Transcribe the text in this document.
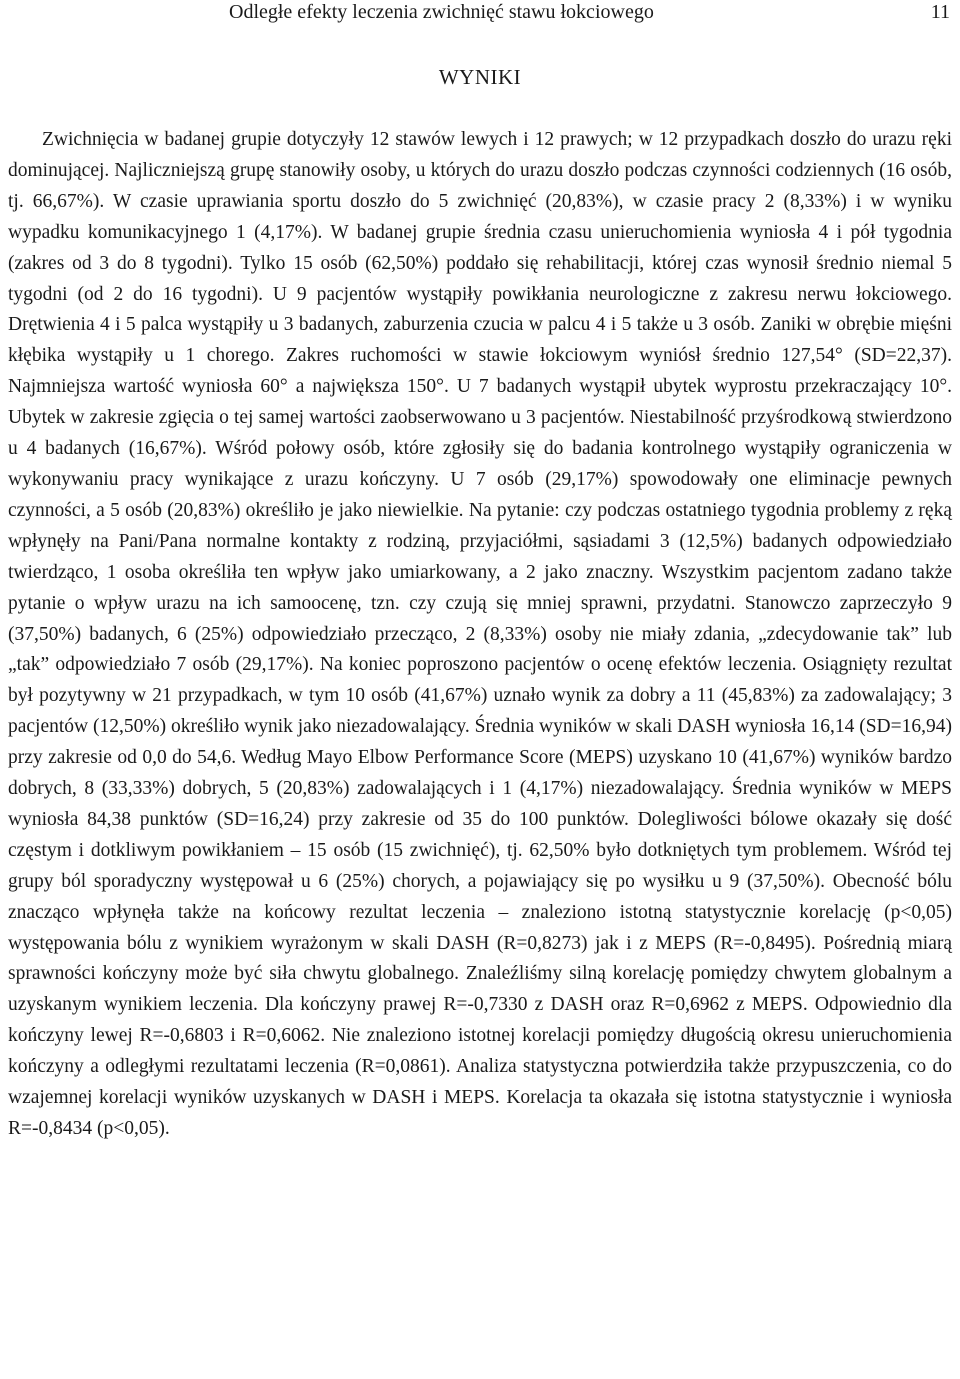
Odległe efekty leczenia zwichnięć stawu łokciowego	11
WYNIKI

Zwichnięcia w badanej grupie dotyczyły 12 stawów lewych i 12 prawych; w 12 przypadkach doszło do urazu ręki dominującej. Najliczniejszą grupę stanowiły osoby, u których do urazu doszło podczas czynności codziennych (16 osób, tj. 66,67%). W czasie uprawiania sportu doszło do 5 zwichnięć (20,83%), w czasie pracy 2 (8,33%) i w wyniku wypadku komunikacyjnego 1 (4,17%). W badanej grupie średnia czasu unieruchomienia wyniosła 4 i pół tygodnia (zakres od 3 do 8 tygodni). Tylko 15 osób (62,50%) poddało się rehabilitacji, której czas wynosił średnio niemal 5 tygodni (od 2 do 16 tygodni). U 9 pacjentów wystąpiły powikłania neurologiczne z zakresu nerwu łokciowego. Drętwienia 4 i 5 palca wystąpiły u 3 badanych, zaburzenia czucia w palcu 4 i 5 także u 3 osób. Zaniki w obrębie mięśni kłębika wystąpiły u 1 chorego. Zakres ruchomości w stawie łokciowym wyniósł średnio 127,54° (SD=22,37). Najmniejsza wartość wyniosła 60° a największa 150°. U 7 badanych wystąpił ubytek wyprostu przekraczający 10°. Ubytek w zakresie zgięcia o tej samej wartości zaobserwowano u 3 pacjentów. Niestabilność przyśrodkową stwierdzono u 4 badanych (16,67%). Wśród połowy osób, które zgłosiły się do badania kontrolnego wystąpiły ograniczenia w wykonywaniu pracy wynikające z urazu kończyny. U 7 osób (29,17%) spowodowały one eliminacje pewnych czynności, a 5 osób (20,83%) określiło je jako niewielkie. Na pytanie: czy podczas ostatniego tygodnia problemy z ręką wpłynęły na Pani/Pana normalne kontakty z rodziną, przyjaciółmi, sąsiadami 3 (12,5%) badanych odpowiedziało twierdząco, 1 osoba określiła ten wpływ jako umiarkowany, a 2 jako znaczny. Wszystkim pacjentom zadano także pytanie o wpływ urazu na ich samoocenę, tzn. czy czują się mniej sprawni, przydatni. Stanowczo zaprzeczyło 9 (37,50%) badanych, 6 (25%) odpowiedziało przecząco, 2 (8,33%) osoby nie miały zdania, „zdecydowanie tak” lub „tak” odpowiedziało 7 osób (29,17%). Na koniec poproszono pacjentów o ocenę efektów leczenia. Osiągnięty rezultat był pozytywny w 21 przypadkach, w tym 10 osób (41,67%) uznało wynik za dobry a 11 (45,83%) za zadowalający; 3 pacjentów (12,50%) określiło wynik jako niezadowalający. Średnia wyników w skali DASH wyniosła 16,14 (SD=16,94) przy zakresie od 0,0 do 54,6. Według Mayo Elbow Performance Score (MEPS) uzyskano 10 (41,67%) wyników bardzo dobrych, 8 (33,33%) dobrych, 5 (20,83%) zadowalających i 1 (4,17%) niezadowalający. Średnia wyników w MEPS wyniosła 84,38 punktów (SD=16,24) przy zakresie od 35 do 100 punktów. Dolegliwości bólowe okazały się dość częstym i dotkliwym powikłaniem – 15 osób (15 zwichnięć), tj. 62,50% było dotkniętych tym problemem. Wśród tej grupy ból sporadyczny występował u 6 (25%) chorych, a pojawiający się po wysiłku u 9 (37,50%). Obecność bólu znacząco wpłynęła także na końcowy rezultat leczenia – znaleziono istotną statystycznie korelację (p<0,05) występowania bólu z wynikiem wyrażonym w skali DASH (R=0,8273) jak i z MEPS (R=-0,8495). Pośrednią miarą sprawności kończyny może być siła chwytu globalnego. Znaleźliśmy silną korelację pomiędzy chwytem globalnym a uzyskanym wynikiem leczenia. Dla kończyny prawej R=-0,7330 z DASH oraz R=0,6962 z MEPS. Odpowiednio dla kończyny lewej R=-0,6803 i R=0,6062. Nie znaleziono istotnej korelacji pomiędzy długością okresu unieruchomienia kończyny a odległymi rezultatami leczenia (R=0,0861). Analiza statystyczna potwierdziła także przypuszczenia, co do wzajemnej korelacji wyników uzyskanych w DASH i MEPS. Korelacja ta okazała się istotna statystycznie i wyniosła R=-0,8434 (p<0,05).
